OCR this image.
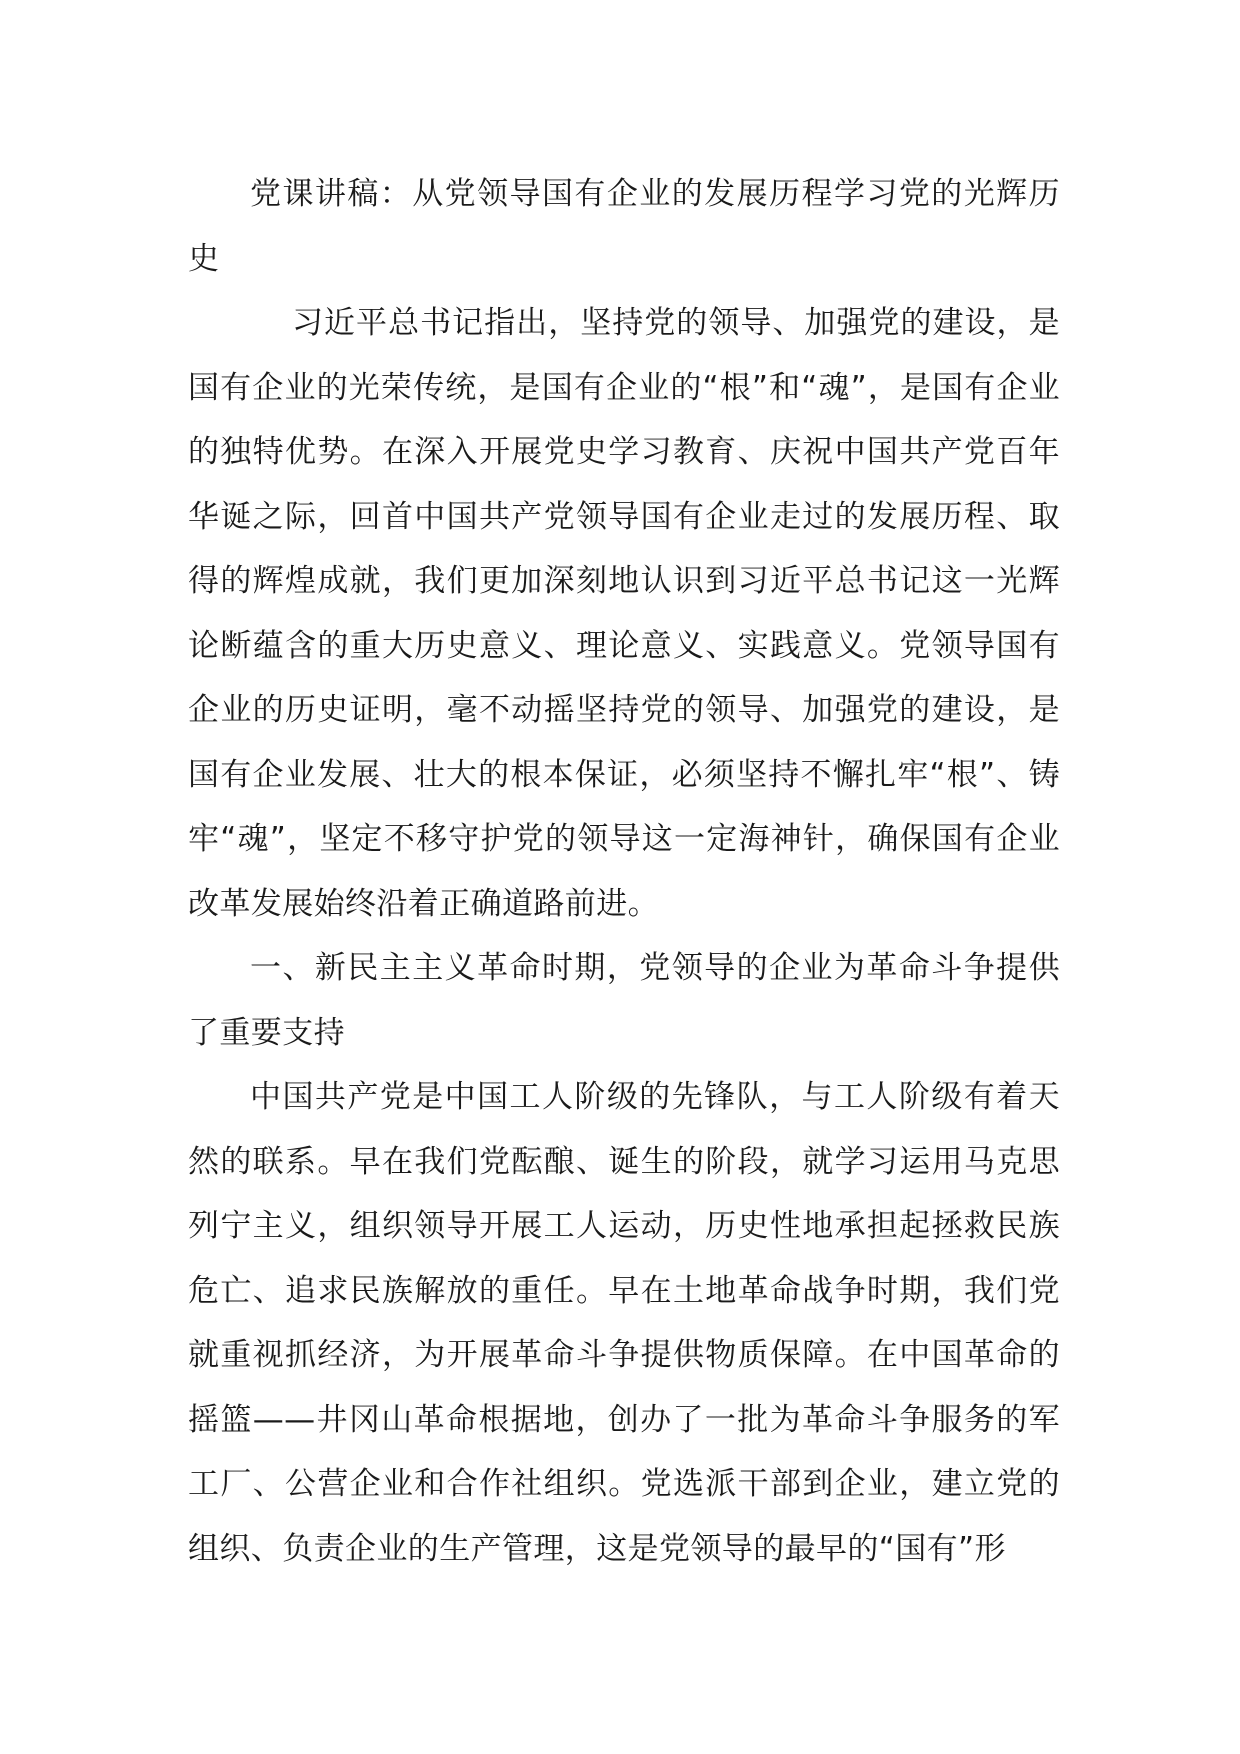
党课讲稿：从党领导国有企业的发展历程学习党的光辉历史

习近平总书记指出，坚持党的领导、加强党的建设，是国有企业的光荣传统，是国有企业的“根”和“魂”，是国有企业的独特优势。在深入开展党史学习教育、庆祝中国共产党百年华诞之际，回首中国共产党领导国有企业走过的发展历程、取得的辉煌成就，我们更加深刻地认识到习近平总书记这一光辉论断蕴含的重大历史意义、理论意义、实践意义。党领导国有企业的历史证明，毫不动摇坚持党的领导、加强党的建设，是国有企业发展、壮大的根本保证，必须坚持不懈扎牢“根”、铸牢“魂”，坚定不移守护党的领导这一定海神针，确保国有企业改革发展始终沿着正确道路前进。

一、新民主主义革命时期，党领导的企业为革命斗争提供了重要支持

中国共产党是中国工人阶级的先锋队，与工人阶级有着天然的联系。早在我们党酝酿、诞生的阶段，就学习运用马克思列宁主义，组织领导开展工人运动，历史性地承担起拯救民族危亡、追求民族解放的重任。早在土地革命战争时期，我们党就重视抓经济，为开展革命斗争提供物质保障。在中国革命的摇篮——井冈山革命根据地，创办了一批为革命斗争服务的军工厂、公营企业和合作社组织。党选派干部到企业，建立党的组织、负责企业的生产管理，这是党领导的最早的“国有”形
